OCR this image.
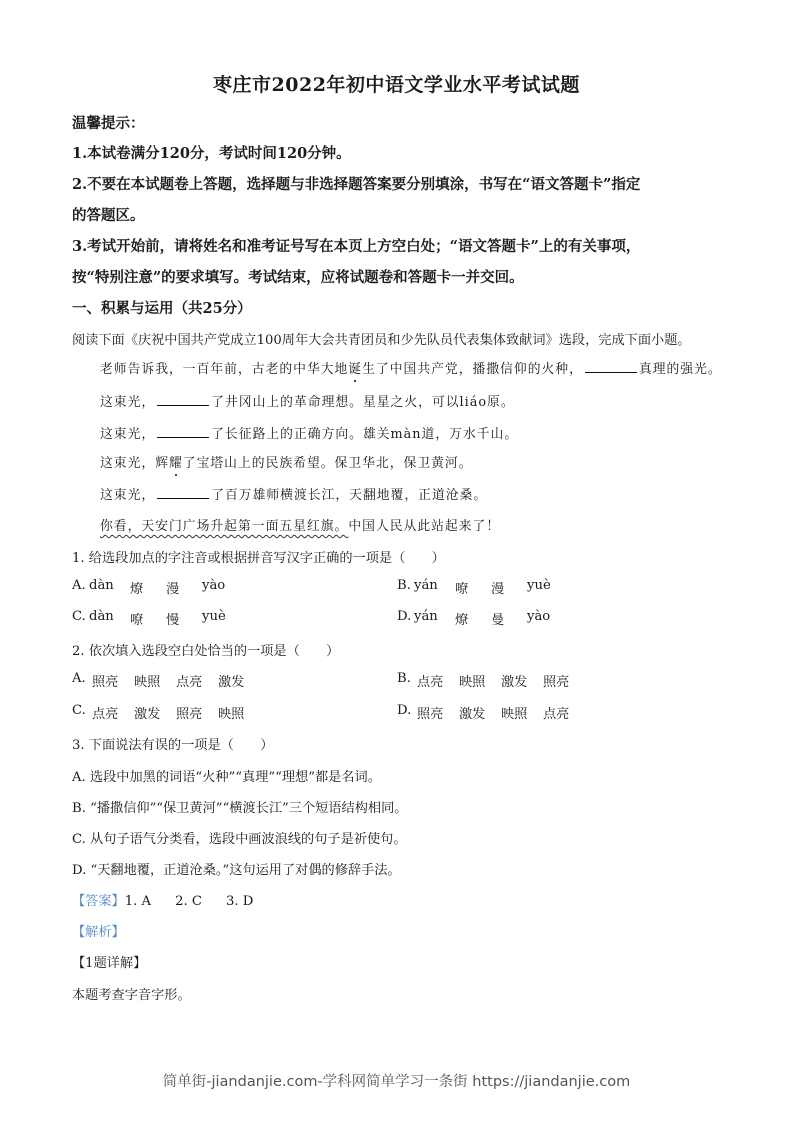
枣庄市2022年初中语文学业水平考试试题
温馨提示：
1.本试卷满分120分，考试时间120分钟。
2.不要在本试题卷上答题，选择题与非选择题答案要分别填涂，书写在“语文答题卡”指定
的答题区。
3.考试开始前，请将姓名和准考证号写在本页上方空白处；“语文答题卡”上的有关事项，
按“特别注意”的要求填写。考试结束，应将试题卷和答题卡一并交回。
一、积累与运用（共25分）
阅读下面《庆祝中国共产党成立100周年大会共青团员和少先队员代表集体致献词》选段，完成下面小题。
老师告诉我，一百年前，古老的中华大地诞生了中国共产党，播撒信仰的火种，	真理的强光。
这束光，	了井冈山上的革命理想。星星之火，可以liáo原。
这束光，	了长征路上的正确方向。雄关màn道，万水千山。
这束光，辉耀了宝塔山上的民族希望。保卫华北，保卫黄河。
这束光，	了百万雄师横渡长江，天翻地覆，正道沧桑。
你看，天安门广场升起第一面五星红旗。中国人民从此站起来了！
1. 给选段加点的字注音或根据拼音写汉字正确的一项是（　　）
A. dàn 燎 漫 yào	B. yán 嘹 漫 yuè
C. dàn 嘹 慢 yuè	D. yán 燎 曼 yào
2. 依次填入选段空白处恰当的一项是（　　）
A. 照亮 映照 点亮 激发	B. 点亮 映照 激发 照亮
C. 点亮 激发 照亮 映照	D. 照亮 激发 映照 点亮
3. 下面说法有误的一项是（　　）
A. 选段中加黑的词语“火种”“真理”“理想”都是名词。
B. “播撒信仰”“保卫黄河”“横渡长江”三个短语结构相同。
C. 从句子语气分类看，选段中画波浪线的句子是祈使句。
D. “天翻地覆，正道沧桑。”这句运用了对偶的修辞手法。
【答案】1. A 2. C 3. D
【解析】
【1题详解】
本题考查字音字形。
简单街-jiandanjie.com-学科网简单学习一条街 https://jiandanjie.com
